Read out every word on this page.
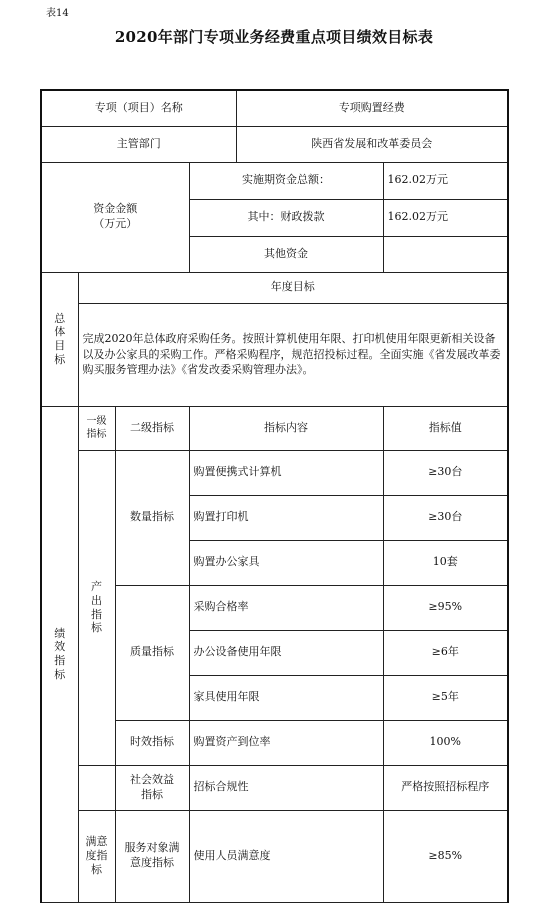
表14
2020年部门专项业务经费重点项目绩效目标表
专项（项目）名称				专项购置经费	
主管部门				陕西省发展和改革委员会	

资金金额
（万元）			实施期资金总额：		162.02万元
			其中：财政拨款		162.02万元
			其他资金		
总体目标	年度目标				
	完成2020年总体政府采购任务。按照计算机使用年限、打印机使用年限更新相关设备以及办公家具的采购工作。严格采购程序，规范招投标过程。全面实施《省发展改革委购买服务管理办法》《省发改委采购管理办法》。				
绩效指标	一级指标	二级指标	指标内容		指标值
	产出指标	数量指标	购置便携式计算机		≥30台
			购置打印机		≥30台
			购置办公家具		10套
		质量指标	采购合格率		≥95%
			办公设备使用年限		≥6年
			家具使用年限		≥5年
		时效指标	购置资产到位率		100%
		社会效益指标	招标合规性		严格按照招标程序
	满意度指标	服务对象满意度指标	使用人员满意度		≥85%
